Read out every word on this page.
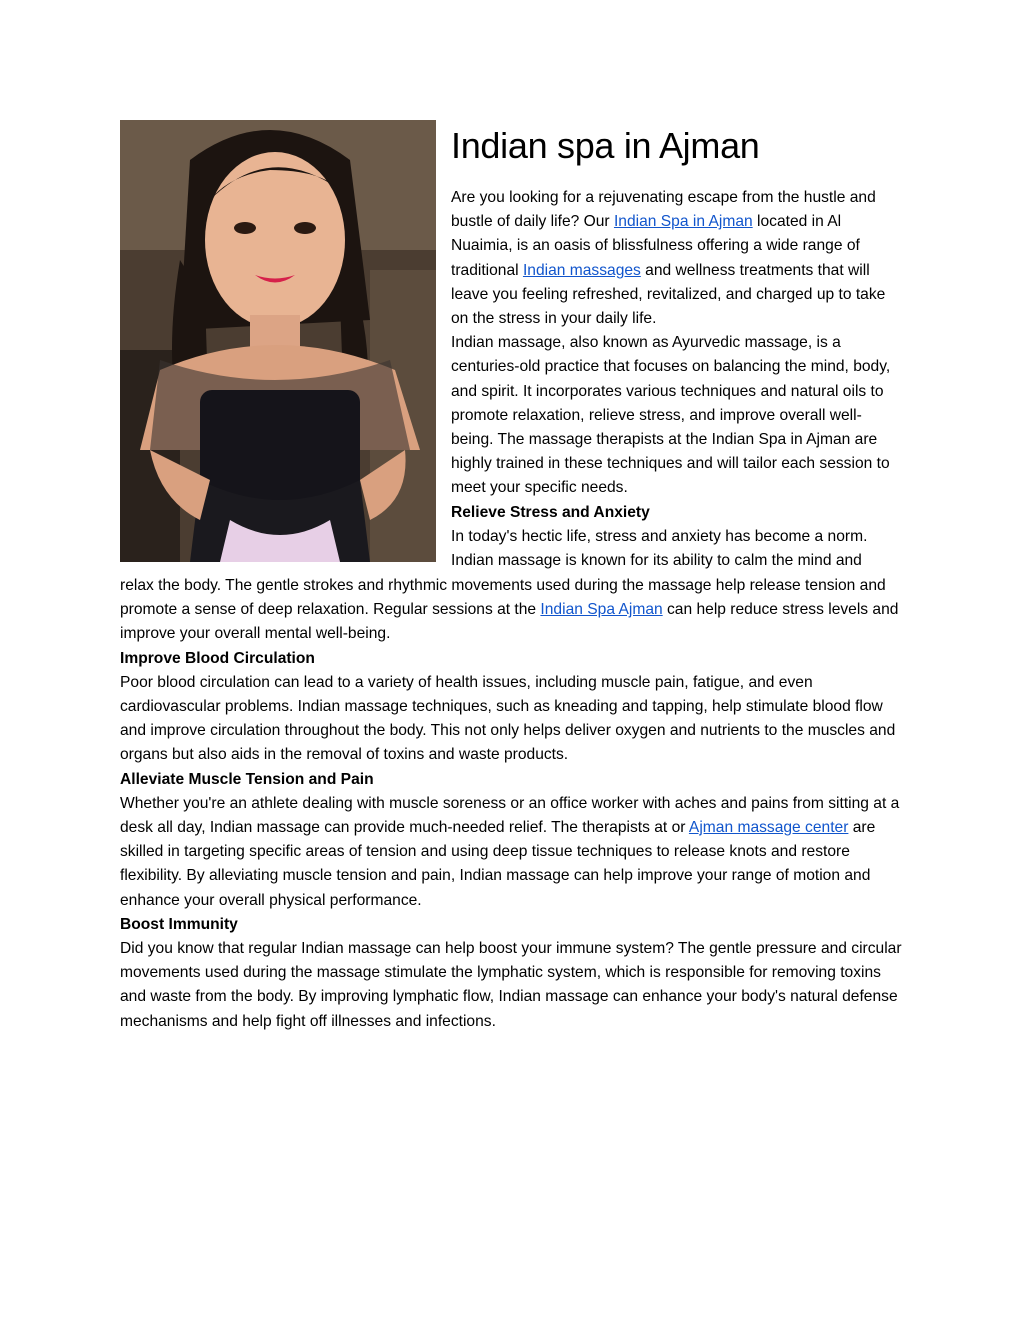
Indian spa in Ajman

Are you looking for a rejuvenating escape from the hustle and bustle of daily life? Our Indian Spa in Ajman located in Al Nuaimia, is an oasis of blissfulness offering a wide range of traditional Indian massages and wellness treatments that will leave you feeling refreshed, revitalized, and charged up to take on the stress in your daily life.

Indian massage, also known as Ayurvedic massage, is a centuries-old practice that focuses on balancing the mind, body, and spirit. It incorporates various techniques and natural oils to promote relaxation, relieve stress, and improve overall well-being. The massage therapists at the Indian Spa in Ajman are highly trained in these techniques and will tailor each session to meet your specific needs.

Relieve Stress and Anxiety

In today's hectic life, stress and anxiety has become a norm. Indian massage is known for its ability to calm the mind and

relax the body. The gentle strokes and rhythmic movements used during the massage help release tension and promote a sense of deep relaxation. Regular sessions at the Indian Spa Ajman can help reduce stress levels and improve your overall mental well-being.

Improve Blood Circulation

Poor blood circulation can lead to a variety of health issues, including muscle pain, fatigue, and even cardiovascular problems. Indian massage techniques, such as kneading and tapping, help stimulate blood flow and improve circulation throughout the body. This not only helps deliver oxygen and nutrients to the muscles and organs but also aids in the removal of toxins and waste products.

Alleviate Muscle Tension and Pain

Whether you're an athlete dealing with muscle soreness or an office worker with aches and pains from sitting at a desk all day, Indian massage can provide much-needed relief. The therapists at or Ajman massage center are skilled in targeting specific areas of tension and using deep tissue techniques to release knots and restore flexibility. By alleviating muscle tension and pain, Indian massage can help improve your range of motion and enhance your overall physical performance.

Boost Immunity

Did you know that regular Indian massage can help boost your immune system? The gentle pressure and circular movements used during the massage stimulate the lymphatic system, which is responsible for removing toxins and waste from the body. By improving lymphatic flow, Indian massage can enhance your body's natural defense mechanisms and help fight off illnesses and infections.
